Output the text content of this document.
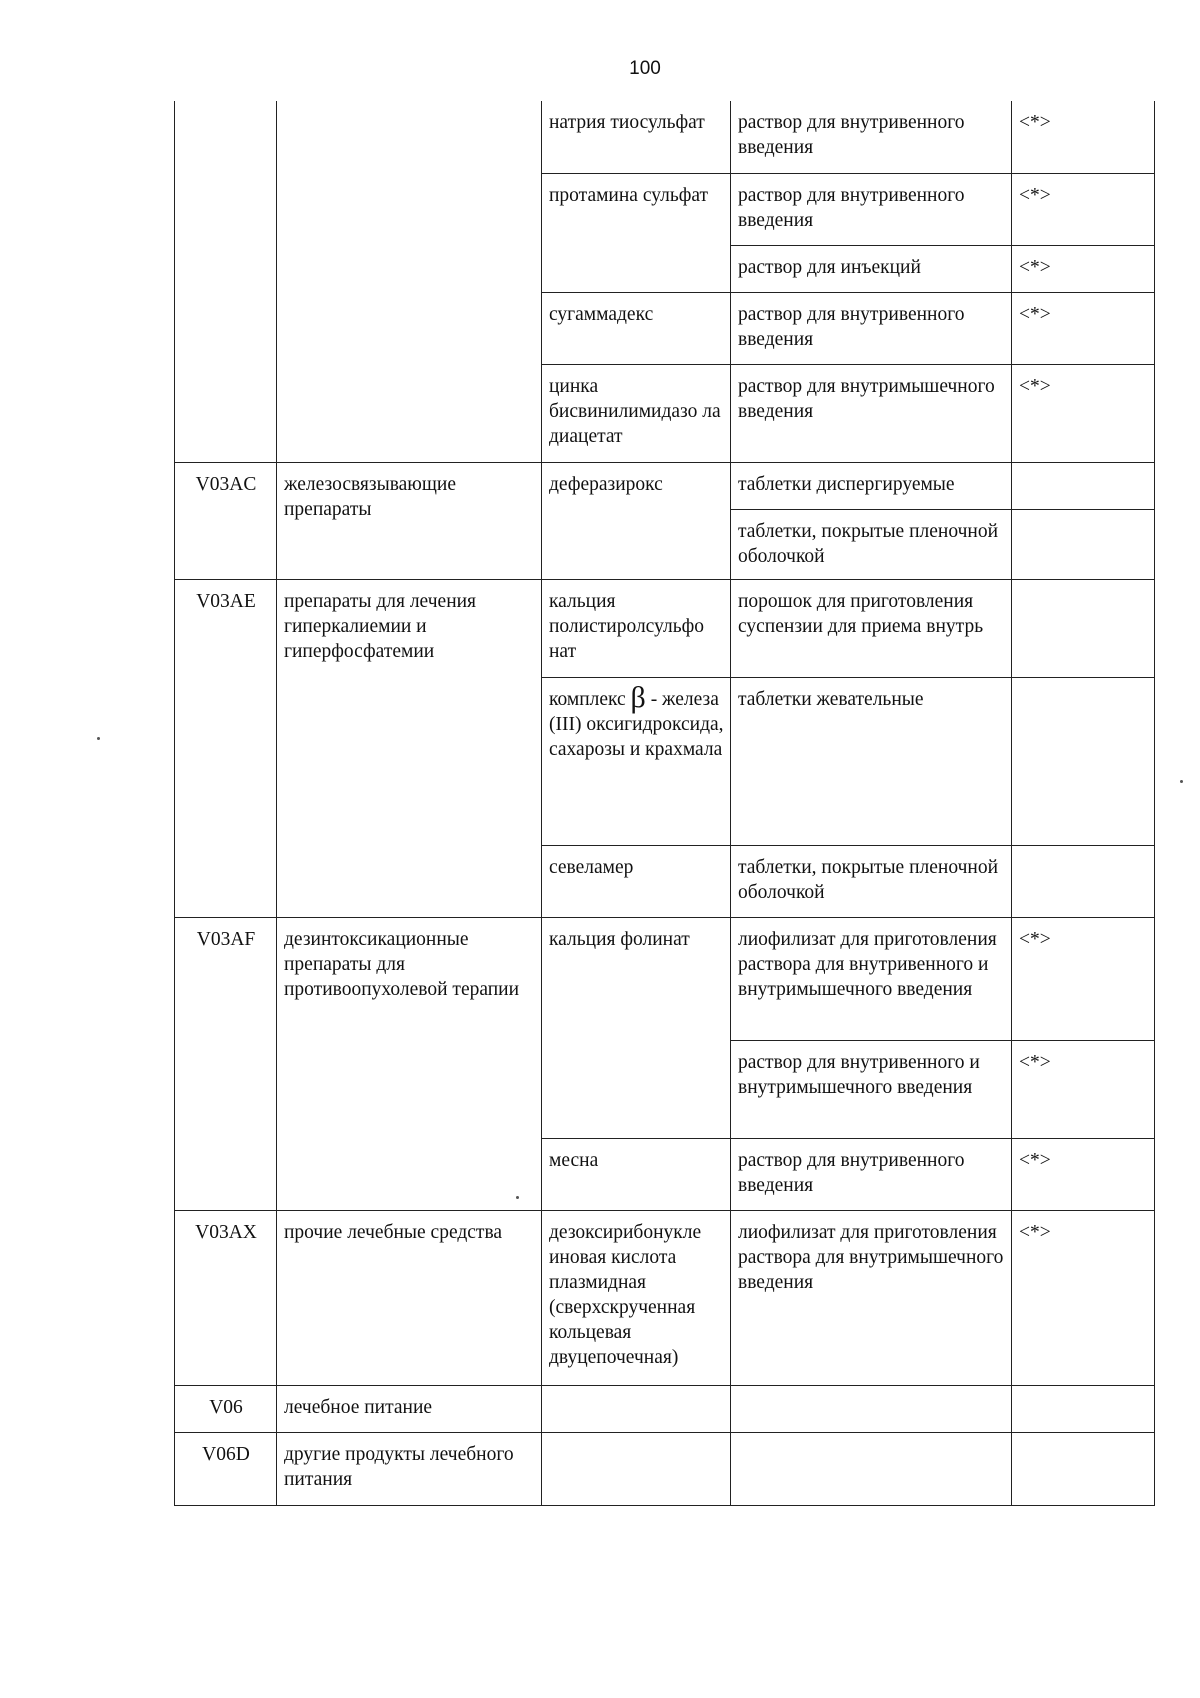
100
		натрия тиосульфат	раствор для внутривенного введения	<*>
		протамина сульфат	раствор для внутривенного введения	<*>
			раствор для инъекций	<*>
		сугаммадекс	раствор для внутривенного введения	<*>
		цинка бисвинилимидазо ла диацетат	раствор для внутримышечного введения	<*>
V03AC	железосвязывающие препараты	деферазирокс	таблетки диспергируемые	
			таблетки, покрытые пленочной оболочкой	
V03AE	препараты для лечения гиперкалиемии и гиперфосфатемии	кальция полистиролсульфо нат	порошок для приготовления суспензии для приема внутрь	
		комплекс β - железа (III) оксигидроксида, сахарозы и крахмала	таблетки жевательные	
		севеламер	таблетки, покрытые пленочной оболочкой	
V03AF	дезинтоксикационные препараты для противоопухолевой терапии	кальция фолинат	лиофилизат для приготовления раствора для внутривенного и внутримышечного введения	<*>
			раствор для внутривенного и внутримышечного введения	<*>
		месна	раствор для внутривенного введения	<*>
V03AX	прочие лечебные средства	дезоксирибонукле иновая кислота плазмидная (сверхскрученная кольцевая двуцепочечная)	лиофилизат для приготовления раствора для внутримышечного введения	<*>
V06	лечебное питание			
V06D	другие продукты лечебного питания			
